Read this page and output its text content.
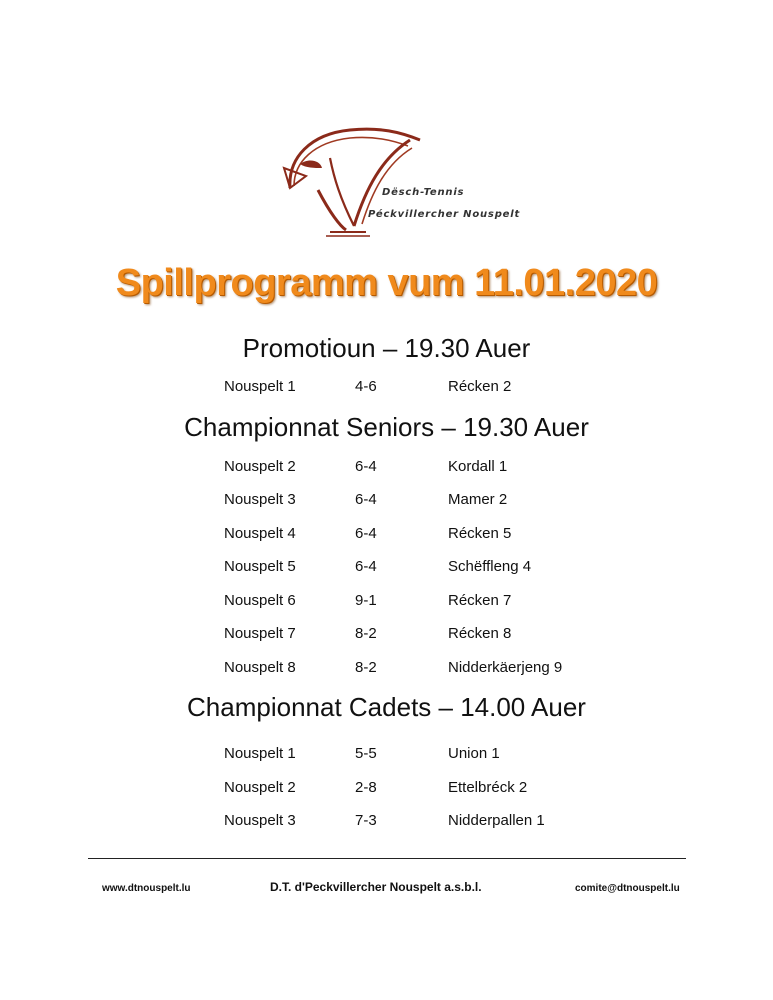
Dësch-Tennis
Péckvillercher Nouspelt
Spillprogramm vum 11.01.2020
Promotioun – 19.30 Auer
Nouspelt 1	4-6	Récken 2
Championnat Seniors – 19.30 Auer
Nouspelt 2	6-4	Kordall 1
Nouspelt 3	6-4	Mamer 2
Nouspelt 4	6-4	Récken 5
Nouspelt 5	6-4	Schëffleng 4
Nouspelt 6	9-1	Récken 7
Nouspelt 7	8-2	Récken 8
Nouspelt 8	8-2	Nidderkäerjeng 9
Championnat Cadets – 14.00 Auer
Nouspelt 1	5-5	Union 1
Nouspelt 2	2-8	Ettelbréck 2
Nouspelt 3	7-3	Nidderpallen 1
www.dtnouspelt.lu	D.T. d'Peckvillercher Nouspelt a.s.b.l.	comite@dtnouspelt.lu
